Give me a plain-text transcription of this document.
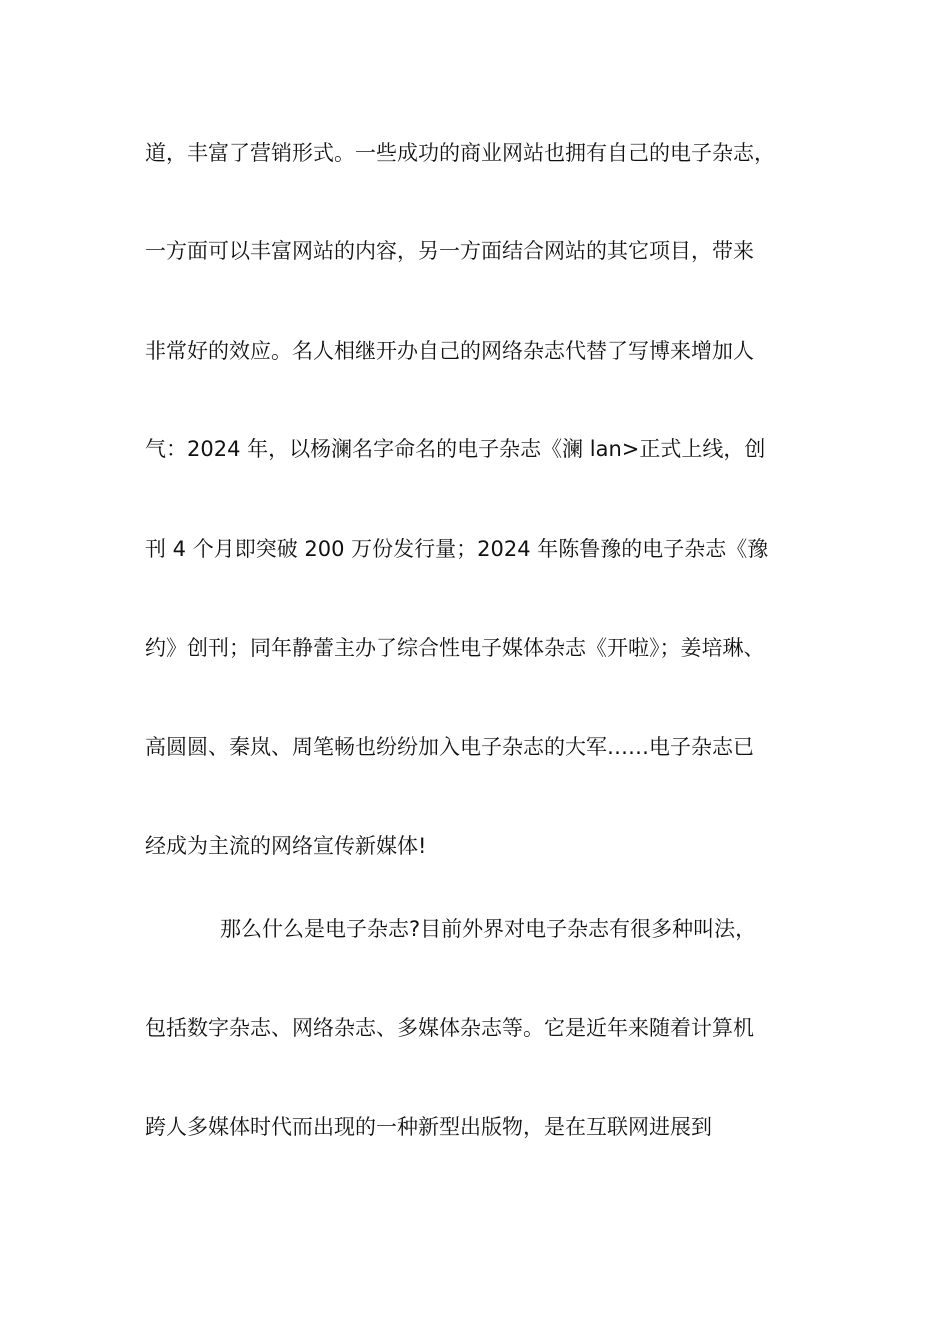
道，丰富了营销形式。一些成功的商业网站也拥有自己的电子杂志，
一方面可以丰富网站的内容，另一方面结合网站的其它项目，带来
非常好的效应。名人相继开办自己的网络杂志代替了写博来增加人
气：2024 年，以杨澜名字命名的电子杂志《澜 lan>正式上线，创
刊 4 个月即突破 200 万份发行量；2024 年陈鲁豫的电子杂志《豫
约》创刊；同年静蕾主办了综合性电子媒体杂志《开啦》；姜培琳、
高圆圆、秦岚、周笔畅也纷纷加入电子杂志的大军……电子杂志已
经成为主流的网络宣传新媒体!
那么什么是电子杂志?目前外界对电子杂志有很多种叫法，
包括数字杂志、网络杂志、多媒体杂志等。它是近年来随着计算机
跨人多媒体时代而出现的一种新型出版物，是在互联网进展到
